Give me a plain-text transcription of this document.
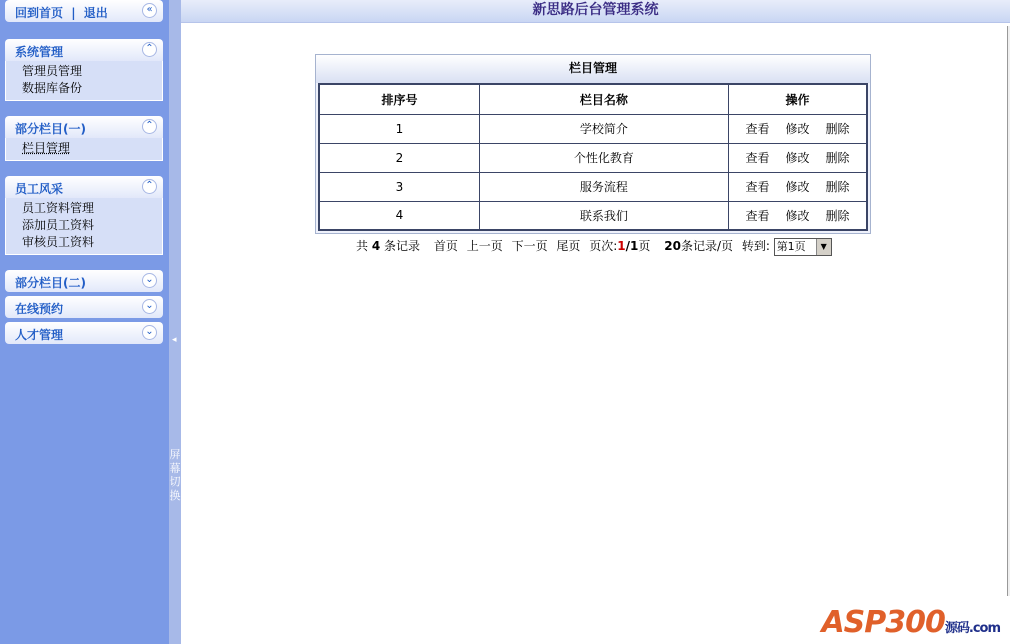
回到首页 | 退出	«
系统管理	⌃
管理员管理
数据库备份
部分栏目(一)	⌃
栏目管理
员工风采	⌃
员工资料管理
添加员工资料
审核员工资料
部分栏目(二)	⌄
在线预约	⌄
人才管理	⌄
◂
屏幕切换
新思路后台管理系统
栏目管理
排序号	栏目名称	操作
1	学校简介	查看 修改 删除
2	个性化教育	查看 修改 删除
3	服务流程	查看 修改 删除
4	联系我们	查看 修改 删除
共 4 条记录 首页 上一页 下一页 尾页 页次:1/1页 20条记录/页 转到: 第1页	▼
ASP300源码.com
